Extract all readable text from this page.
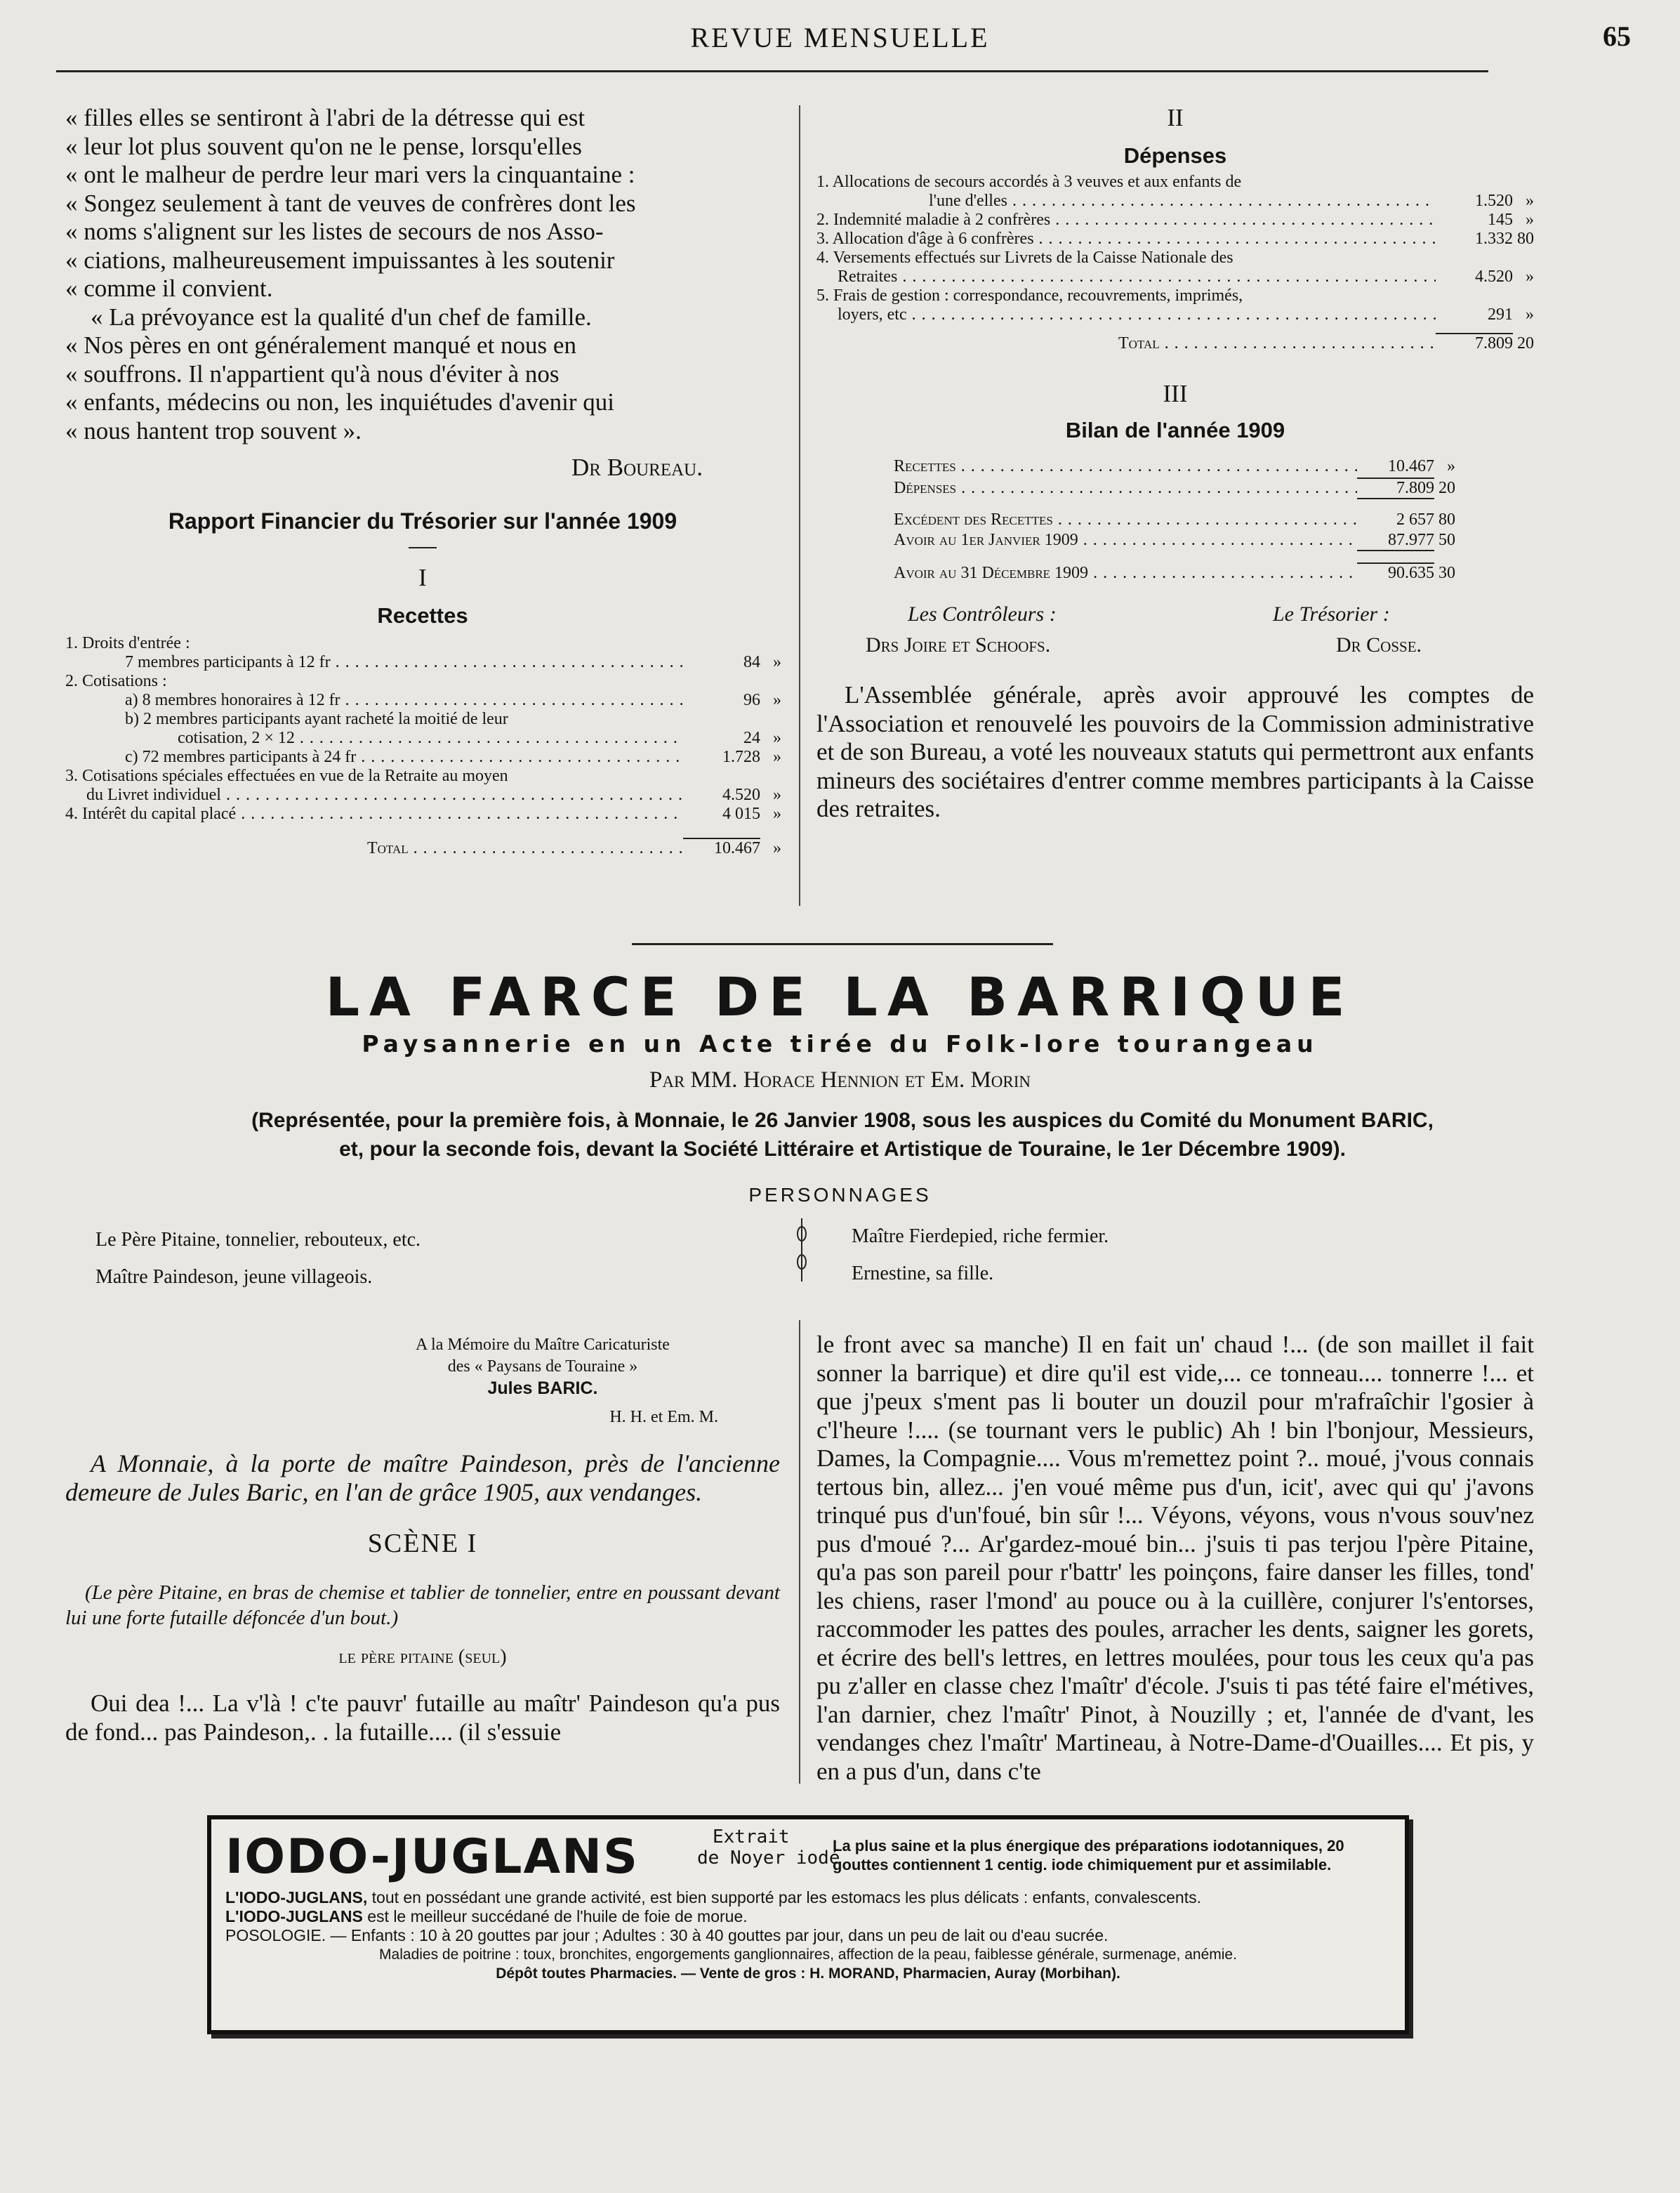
REVUE MENSUELLE	65
« filles elles se sentiront à l'abri de la détresse qui est
« leur lot plus souvent qu'on ne le pense, lorsqu'elles
« ont le malheur de perdre leur mari vers la cinquantaine :
« Songez seulement à tant de veuves de confrères dont les
« noms s'alignent sur les listes de secours de nos Asso-
« ciations, malheureusement impuissantes à les soutenir
« comme il convient.
« La prévoyance est la qualité d'un chef de famille.
« Nos pères en ont généralement manqué et nous en
« souffrons. Il n'appartient qu'à nous d'éviter à nos
« enfants, médecins ou non, les inquiétudes d'avenir qui
« nous hantent trop souvent ».
Dr Boureau.
Rapport Financier du Trésorier sur l'année 1909
I
Recettes
1. Droits d'entrée :
7 membres participants à 12 fr . . .	84 »
2. Cotisations :
a) 8 membres honoraires à 12 fr . . .	96 »
b) 2 membres participants ayant racheté la moitié de leur
cotisation, 2 × 12 . . .	24 »
c) 72 membres participants à 24 fr . . .	1.728 »
3. Cotisations spéciales effectuées en vue de la Retraite au moyen
du Livret individuel . . .	4.520 »
4. Intérêt du capital placé . . .	4 015 »
Total . . .	10.467 »
II
Dépenses
1. Allocations de secours accordés à 3 veuves et aux enfants de
l'une d'elles . . .	1.520 »
2. Indemnité maladie à 2 confrères . . .	145 »
3. Allocation d'âge à 6 confrères . . .	1.332 80
4. Versements effectués sur Livrets de la Caisse Nationale des
Retraites . . .	4.520 »
5. Frais de gestion : correspondance, recouvrements, imprimés,
loyers, etc . . .	291 »
Total . . .	7.809 20
III
Bilan de l'année 1909
Recettes . . .	10.467 »
Dépenses . . .	7.809 20
Excédent des Recettes . . .	2 657 80
Avoir au 1er Janvier 1909 . . .	87.977 50
Avoir au 31 Décembre 1909 . . .	90.635 30
Les Contrôleurs :
Drs Joire et Schoofs.
Le Trésorier :
Dr Cosse.

L'Assemblée générale, après avoir approuvé les comptes de l'Association et renouvelé les pouvoirs de la Commission administrative et de son Bureau, a voté les nouveaux statuts qui permettront aux enfants mineurs des sociétaires d'entrer comme membres participants à la Caisse des retraites.

LA FARCE DE LA BARRIQUE
Paysannerie en un Acte tirée du Folk-lore tourangeau
Par MM. Horace Hennion et Em. Morin
(Représentée, pour la première fois, à Monnaie, le 26 Janvier 1908, sous les auspices du Comité du Monument BARIC,
et, pour la seconde fois, devant la Société Littéraire et Artistique de Touraine, le 1er Décembre 1909).
PERSONNAGES
Le Père Pitaine, tonnelier, rebouteux, etc.
Maître Paindeson, jeune villageois.
Maître Fierdepied, riche fermier.
Ernestine, sa fille.
A la Mémoire du Maître Caricaturiste
des « Paysans de Touraine »
Jules BARIC.
H. H. et Em. M.

A Monnaie, à la porte de maître Paindeson, près de l'ancienne demeure de Jules Baric, en l'an de grâce 1905, aux vendanges.

SCÈNE I

(Le père Pitaine, en bras de chemise et tablier de tonnelier, entre en poussant devant lui une forte futaille défoncée d'un bout.)

le père pitaine (seul)

Oui dea !... La v'là ! c'te pauvr' futaille au maîtr' Paindeson qu'a pus de fond... pas Paindeson,. . la futaille.... (il s'essuie

le front avec sa manche) Il en fait un' chaud !... (de son maillet il fait sonner la barrique) et dire qu'il est vide,... ce tonneau.... tonnerre !... et que j'peux s'ment pas li bouter un douzil pour m'rafraîchir l'gosier à c'l'heure !.... (se tournant vers le public) Ah ! bin l'bonjour, Messieurs, Dames, la Compagnie.... Vous m'remettez point ?.. moué, j'vous connais tertous bin, allez... j'en voué même pus d'un, icit', avec qui qu' j'avons trinqué pus d'un'foué, bin sûr !... Véyons, véyons, vous n'vous souv'nez pus d'moué ?... Ar'gardez-moué bin... j'suis ti pas terjou l'père Pitaine, qu'a pas son pareil pour r'battr' les poinçons, faire danser les filles, tond' les chiens, raser l'mond' au pouce ou à la cuillère, conjurer l's'entorses, raccommoder les pattes des poules, arracher les dents, saigner les gorets, et écrire des bell's lettres, en lettres moulées, pour tous les ceux qu'a pas pu z'aller en classe chez l'maîtr' d'école. J'suis ti pas tété faire el'métives, l'an darnier, chez l'maîtr' Pinot, à Nouzilly ; et, l'année de d'vant, les vendanges chez l'maîtr' Martineau, à Notre-Dame-d'Ouailles.... Et pis, y en a pus d'un, dans c'te

IODO-JUGLANS	Extrait
de Noyer iodé
La plus saine et la plus énergique des préparations iodotanniques, 20 gouttes contiennent 1 centig. iode chimiquement pur et assimilable.
L'IODO-JUGLANS, tout en possédant une grande activité, est bien supporté par les estomacs les plus délicats : enfants, convalescents.
L'IODO-JUGLANS est le meilleur succédané de l'huile de foie de morue.
POSOLOGIE. — Enfants : 10 à 20 gouttes par jour ; Adultes : 30 à 40 gouttes par jour, dans un peu de lait ou d'eau sucrée.
Maladies de poitrine : toux, bronchites, engorgements ganglionnaires, affection de la peau, faiblesse générale, surmenage, anémie.
Dépôt toutes Pharmacies. — Vente de gros : H. MORAND, Pharmacien, Auray (Morbihan).
